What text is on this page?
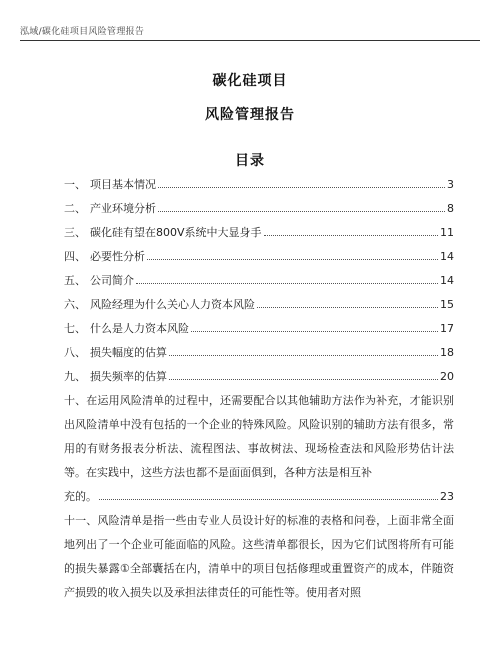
泓域/碳化硅项目风险管理报告
碳化硅项目
风险管理报告
目录
一、 项目基本情况	3
二、 产业环境分析	8
三、 碳化硅有望在800V系统中大显身手	11
四、 必要性分析	14
五、 公司简介	14
六、 风险经理为什么关心人力资本风险	15
七、 什么是人力资本风险	17
八、 损失幅度的估算	18
九、 损失频率的估算	20
十、在运用风险清单的过程中，还需要配合以其他辅助方法作为补充，才能识别出风险清单中没有包括的一个企业的特殊风险。风险识别的辅助方法有很多，常用的有财务报表分析法、流程图法、事故树法、现场检查法和风险形势估计法等。在实践中，这些方法也都不是面面俱到，各种方法是相互补
充的。	23
十一、风险清单是指一些由专业人员设计好的标准的表格和问卷，上面非常全面地列出了一个企业可能面临的风险。这些清单都很长，因为它们试图将所有可能的损失暴露①全部囊括在内，清单中的项目包括修理或重置资产的成本，伴随资产损毁的收入损失以及承担法律责任的可能性等。使用者对照
